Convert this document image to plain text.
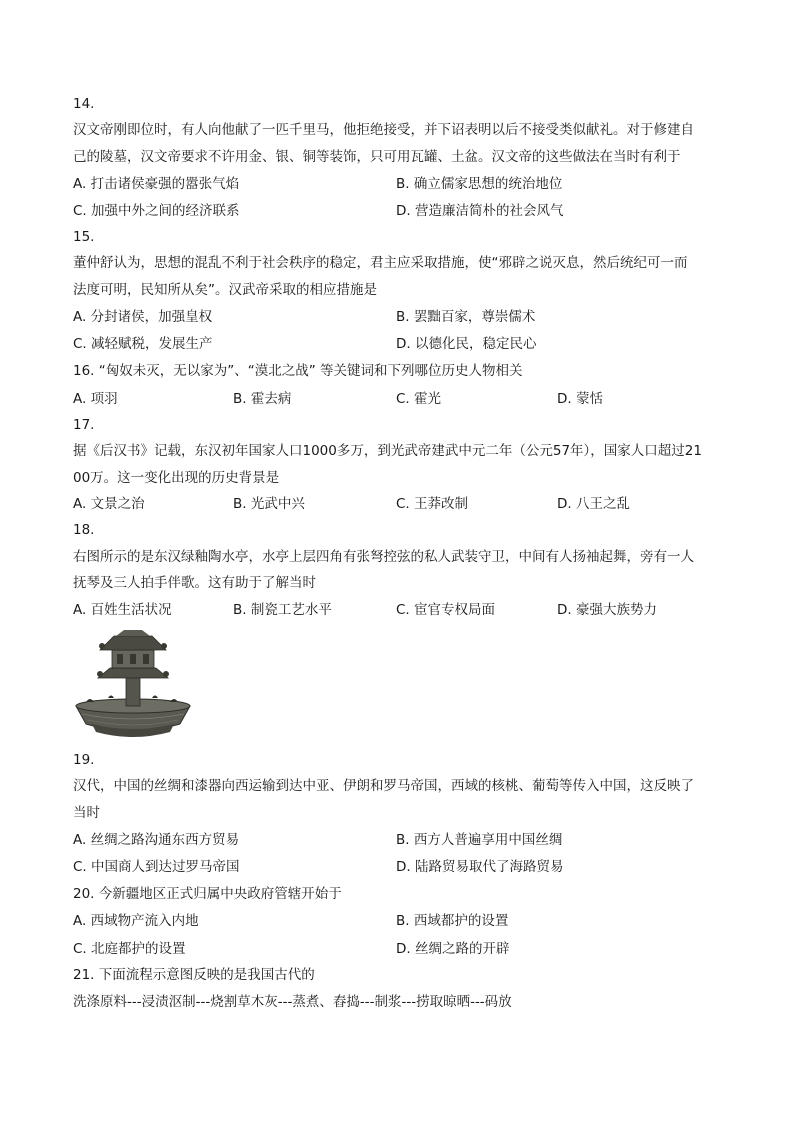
14.
汉文帝刚即位时，有人向他献了一匹千里马，他拒绝接受，并下诏表明以后不接受类似献礼。对于修建自
己的陵墓，汉文帝要求不许用金、银、铜等装饰，只可用瓦罐、土盆。汉文帝的这些做法在当时有利于
A. 打击诸侯豪强的嚣张气焰	B. 确立儒家思想的统治地位
C. 加强中外之间的经济联系	D. 营造廉洁简朴的社会风气
15.
董仲舒认为，思想的混乱不利于社会秩序的稳定，君主应采取措施，使“邪辟之说灭息，然后统纪可一而
法度可明，民知所从矣”。汉武帝采取的相应措施是
A. 分封诸侯，加强皇权	B. 罢黜百家，尊崇儒术
C. 减轻赋税，发展生产	D. 以德化民，稳定民心
16. “匈奴未灭，无以家为”、“漠北之战” 等关键词和下列哪位历史人物相关
A. 项羽	B. 霍去病	C. 霍光	D. 蒙恬
17.
据《后汉书》记载，东汉初年国家人口1000多万，到光武帝建武中元二年（公元57年），国家人口超过21
00万。这一变化出现的历史背景是
A. 文景之治	B. 光武中兴	C. 王莽改制	D. 八王之乱
18.
右图所示的是东汉绿釉陶水亭，水亭上层四角有张弩控弦的私人武装守卫，中间有人扬袖起舞，旁有一人
抚琴及三人拍手伴歌。这有助于了解当时
A. 百姓生活状况	B. 制瓷工艺水平	C. 宦官专权局面	D. 豪强大族势力
19.
汉代，中国的丝绸和漆器向西运输到达中亚、伊朗和罗马帝国，西域的核桃、葡萄等传入中国，这反映了
当时
A. 丝绸之路沟通东西方贸易	B. 西方人普遍享用中国丝绸
C. 中国商人到达过罗马帝国	D. 陆路贸易取代了海路贸易
20. 今新疆地区正式归属中央政府管辖开始于
A. 西域物产流入内地	B. 西域都护的设置
C. 北庭都护的设置	D. 丝绸之路的开辟
21. 下面流程示意图反映的是我国古代的
洗涤原料---浸渍沤制---烧割草木灰---蒸煮、舂捣---制浆---捞取晾晒---码放
